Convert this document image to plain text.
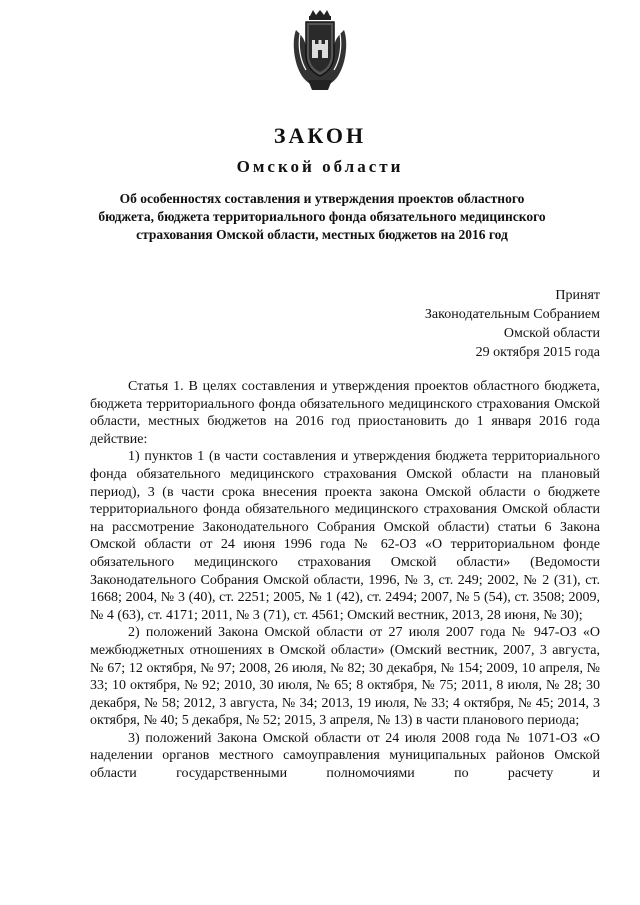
ЗАКОН
Омской области
Об особенностях составления и утверждения проектов областного бюджета, бюджета территориального фонда обязательного медицинского страхования Омской области, местных бюджетов на 2016 год
Принят
Законодательным Собранием
Омской области
29 октября 2015 года

Статья 1. В целях составления и утверждения проектов областного бюджета, бюджета территориального фонда обязательного медицинского страхования Омской области, местных бюджетов на 2016 год приостановить до 1 января 2016 года действие:

1) пунктов 1 (в части составления и утверждения бюджета территориального фонда обязательного медицинского страхования Омской области на плановый период), 3 (в части срока внесения проекта закона Омской области о бюджете территориального фонда обязательного медицинского страхования Омской области на рассмотрение Законодательного Собрания Омской области) статьи 6 Закона Омской области от 24 июня 1996 года № 62-ОЗ «О территориальном фонде обязательного медицинского страхования Омской области» (Ведомости Законодательного Собрания Омской области, 1996, № 3, ст. 249; 2002, № 2 (31), ст. 1668; 2004, № 3 (40), ст. 2251; 2005, № 1 (42), ст. 2494; 2007, № 5 (54), ст. 3508; 2009, № 4 (63), ст. 4171; 2011, № 3 (71), ст. 4561; Омский вестник, 2013, 28 июня, № 30);

2) положений Закона Омской области от 27 июля 2007 года № 947-ОЗ «О межбюджетных отношениях в Омской области» (Омский вестник, 2007, 3 августа, № 67; 12 октября, № 97; 2008, 26 июля, № 82; 30 декабря, № 154; 2009, 10 апреля, № 33; 10 октября, № 92; 2010, 30 июля, № 65; 8 октября, № 75; 2011, 8 июля, № 28; 30 декабря, № 58; 2012, 3 августа, № 34; 2013, 19 июля, № 33; 4 октября, № 45; 2014, 3 октября, № 40; 5 декабря, № 52; 2015, 3 апреля, № 13) в части планового периода;

3) положений Закона Омской области от 24 июля 2008 года № 1071-ОЗ «О наделении органов местного самоуправления муниципальных районов Омской области государственными полномочиями по расчету и
